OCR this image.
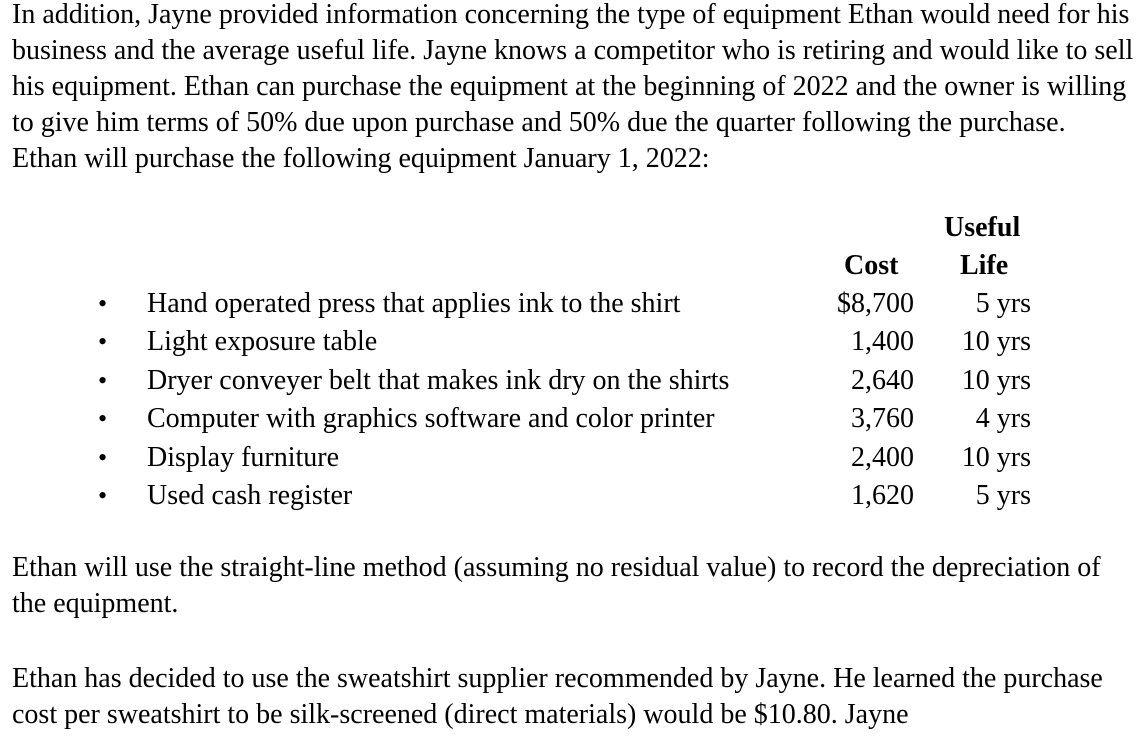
In addition, Jayne provided information concerning the type of equipment Ethan would need for his business and the average useful life. Jayne knows a competitor who is retiring and would like to sell his equipment. Ethan can purchase the equipment at the beginning of 2022 and the owner is willing to give him terms of 50% due upon purchase and 50% due the quarter following the purchase. Ethan will purchase the following equipment January 1, 2022:

Useful
Cost Life
• Hand operated press that applies ink to the shirt	$8,700 5 yrs
• Light exposure table	1,400 10 yrs
• Dryer conveyer belt that makes ink dry on the shirts	2,640 10 yrs
• Computer with graphics software and color printer	3,760 4 yrs
• Display furniture	2,400 10 yrs
• Used cash register	1,620 5 yrs

Ethan will use the straight-line method (assuming no residual value) to record the depreciation of the equipment.

Ethan has decided to use the sweatshirt supplier recommended by Jayne. He learned the purchase cost per sweatshirt to be silk-screened (direct materials) would be $10.80. Jayne
